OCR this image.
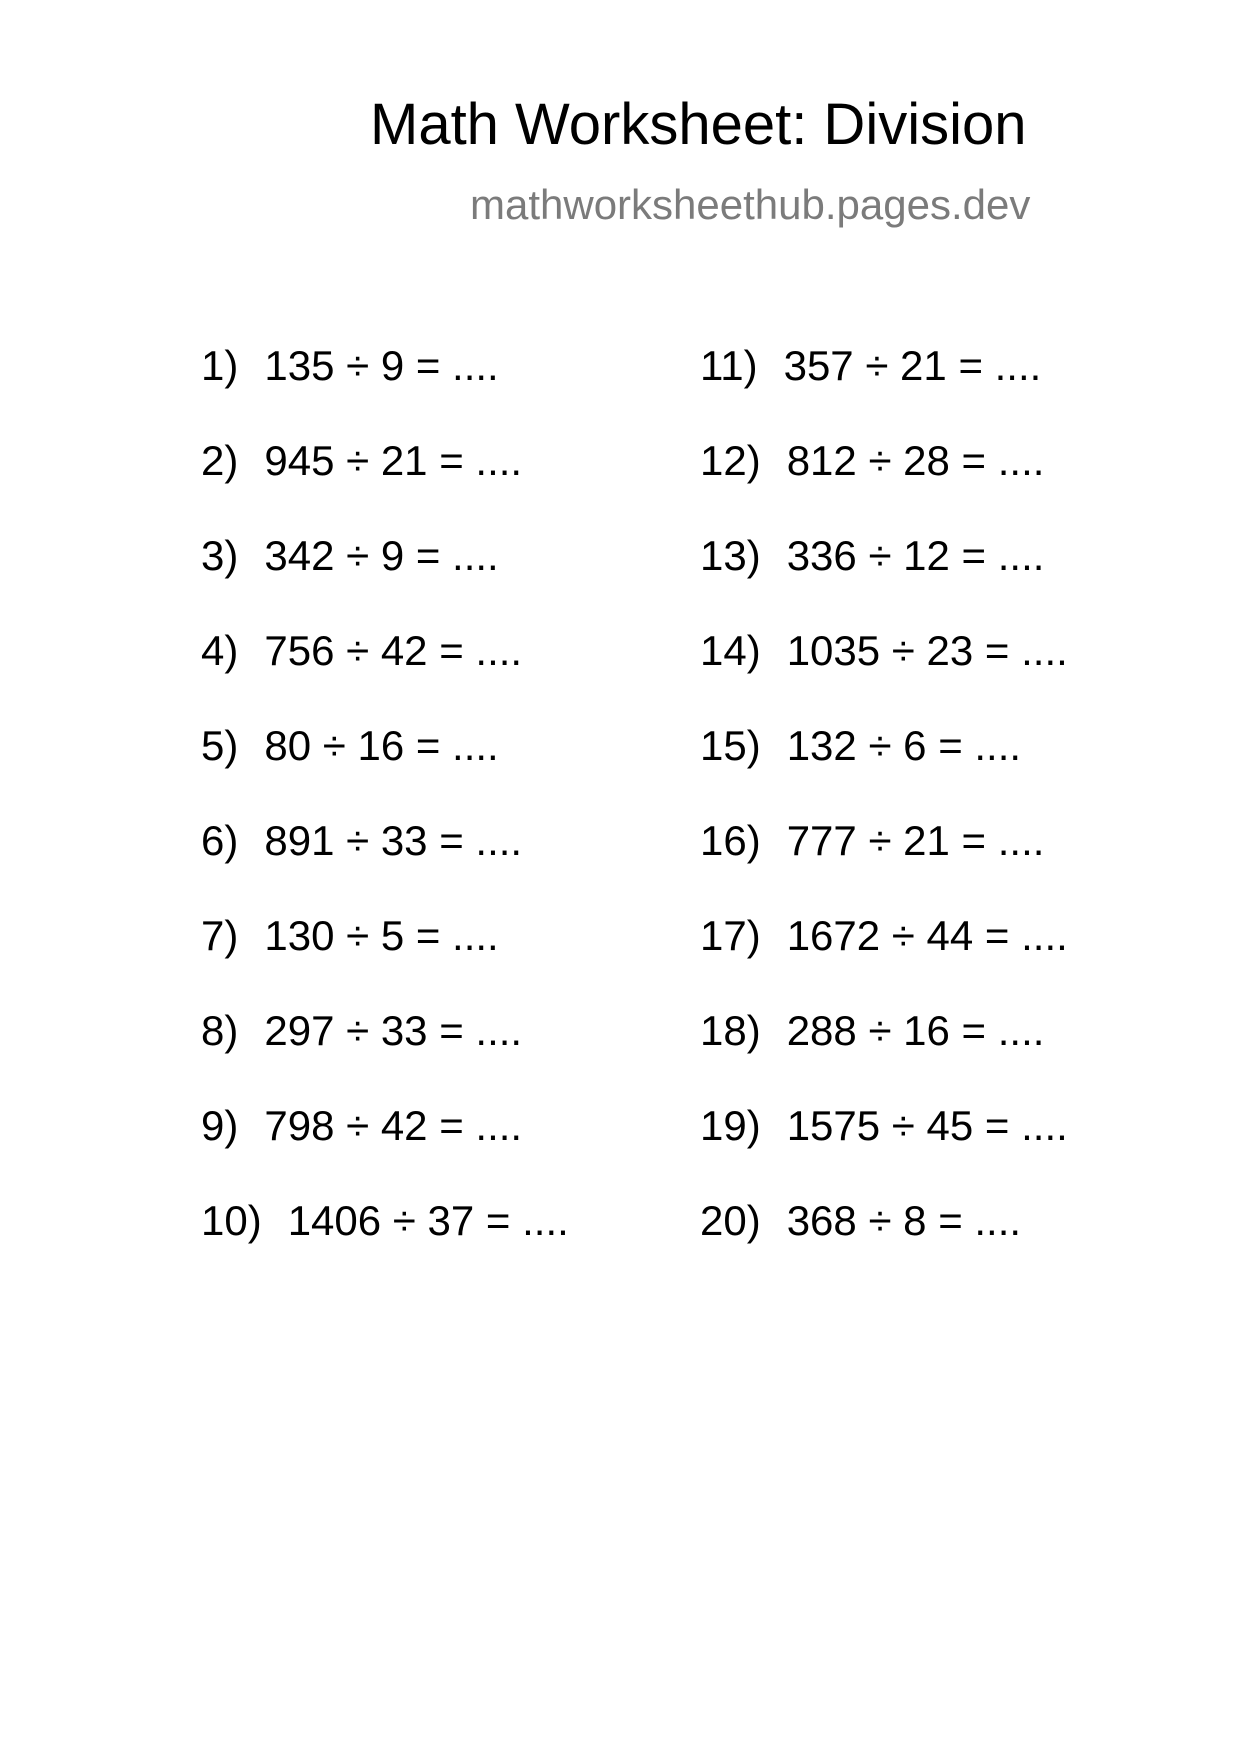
Math Worksheet: Division
mathworksheethub.pages.dev
1) 135 ÷ 9 = ....
2) 945 ÷ 21 = ....
3) 342 ÷ 9 = ....
4) 756 ÷ 42 = ....
5) 80 ÷ 16 = ....
6) 891 ÷ 33 = ....
7) 130 ÷ 5 = ....
8) 297 ÷ 33 = ....
9) 798 ÷ 42 = ....
10) 1406 ÷ 37 = ....
11) 357 ÷ 21 = ....
12) 812 ÷ 28 = ....
13) 336 ÷ 12 = ....
14) 1035 ÷ 23 = ....
15) 132 ÷ 6 = ....
16) 777 ÷ 21 = ....
17) 1672 ÷ 44 = ....
18) 288 ÷ 16 = ....
19) 1575 ÷ 45 = ....
20) 368 ÷ 8 = ....
